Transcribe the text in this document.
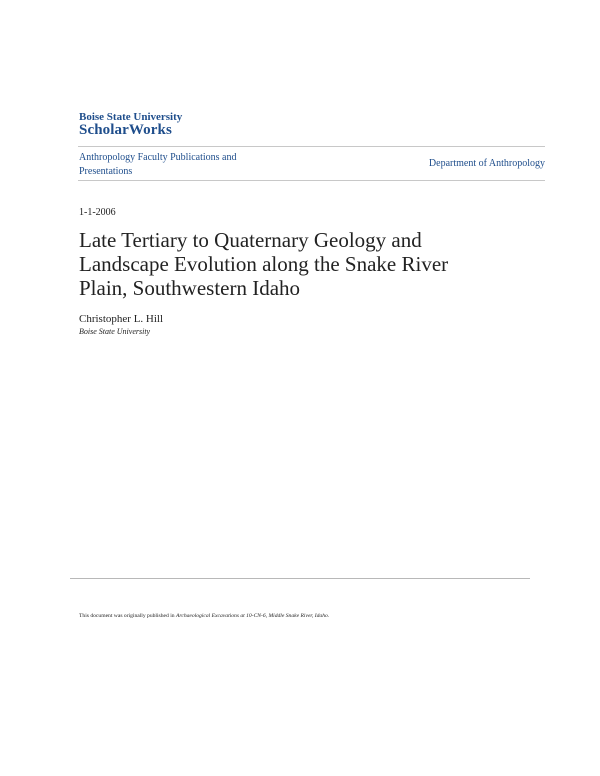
Boise State University
ScholarWorks
Anthropology Faculty Publications and Presentations
Department of Anthropology
1-1-2006
Late Tertiary to Quaternary Geology and Landscape Evolution along the Snake River Plain, Southwestern Idaho
Christopher L. Hill
Boise State University
This document was originally published in Archaeological Excavations at 10-CN-6, Middle Snake River, Idaho.
